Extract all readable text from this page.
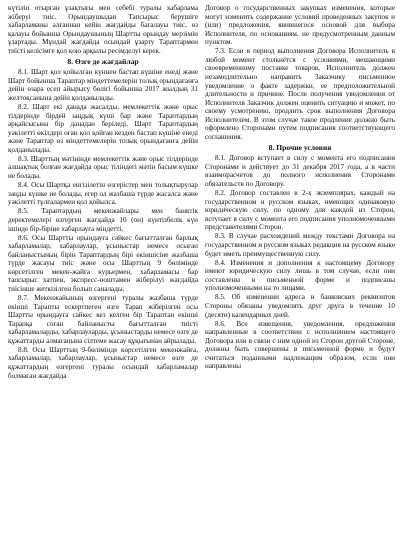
күтіліп отырған ұзақтығы мен себебі туралы хабарлама жіберуі тиіс. Орындаушыдан Тапсырыс берушіге хабарламаны алғаннан кейін жағдайды бағалауы тиіс, өз қалауы бойынша Орындаушының Шартты орындау мерзімін ұзартады. Мұндай жағдайда осындай ұзарту Тараптармен тиісті келісімге қол қою арқылы ресімделуі керек.

8. Өзге де жағдайлар

8.1. Шарт қол қойылған күннен бастап күшіне енеді және Шарт бойынша Тараптар міндеттемелерін толық орындағанға дейін өзара есеп айырысу бөлігі бойынша 2017 жылдың 31 желтоқсанына дейін қолданылады.

8.2. Шарт екі данада жасалды, мемлекеттік және орыс тілдерінде бірдей заңдық күші бар және Тараптардың әрқайсысына бір данадан беріледі, Шарт Тараптардың уәкілетті өкілдері оған қол қойған кезден бастап күшіне енеді және Тараптар өз міндеттемелерін толық орындағанға дейін қолданылады.

8.3. Шарттың мәтінінде мемлекеттік және орыс тілдерінде алшақтық болған жағдайда орыс тіліндегі мәтін басым күшке ие болады.

8.4. Осы Шартқа енгізілетін өзгерістер мен толықтырулар заңды күшке ие болады, егер ол жазбаша түрде жасалса және уәкілетті тұлғалармен қол қойылса.

8.5. Тараптардың мекенжайлары мен банктік деректемелері өзгерген жағдайда 10 (он) күнтізбелік күн ішінде бір-біріне хабарлауға міндетті.

8.6. Осы Шартты орындауға сәйкес бағытталған барлық хабарламалар, хабарлаулар, ұсыныстар немесе осыған байланыстының бірін Тараптардың бірі екіншісіне жазбаша түрде жасауы тиіс және осы Шарттың 9 бөлімінде көрсетілген мекен-жайға курьермен, хабарламасы бар тапсырыс хатпен, экспресс-поштамен жіберілуі жағдайда тиісінше жеткізілген болып саналады.

8.7. Мекенжайының өзгергені туралы жазбаша түрде екінші Тарапты ескертпеген өзге Тарап жіберілген осы Шартты орындауға сәйкес кез келген бір Тараптан екінші Тарапқа соған байланысты бағытталған тиісті хабарламаларды, хабарлауларды, ұсыныстарды немесе өзге де құжаттарды алмағанына сілтеме жасау құқығынан айрылады.

8.8. Осы Шарттың 9-бөлімінде көрсетілген мекенжайға, хабарламалар, хабарлаулар, ұсыныстар немесе өзге де құжаттардың өзгергені туралы осындай хабарламалар болмаған жағдайда

Договор о государственных закупках изменения, которые могут изменить содержание условий проведенных закупок и (или) предложения, явившегося основой для выбора Исполнителя, по основаниям, не предусмотренным данным пунктом.

7.3. Если в период выполнения Договора Исполнитель в любой момент столкнётся с условиями, мешающими своевременному поставке товаров, Исполнитель должен незамедлительно направить Заказчику письменное уведомление о факте задержки, ее предположительной длительности и причине. После получения уведомления от Исполнителя Заказчик должен оценить ситуацию и может, по своему усмотрению, продлить срок выполнения Договора Исполнителем. В этом случае такое продление должно быть оформлено Сторонами путем подписания соответствующего соглашения.

8. Прочие условия

8.1. Договор вступает в силу с момента его подписания Сторонами и действует до 31 декабря 2017 года, а в части взаиморасчетов до полного исполнения Сторонами обязательств по Договору.

8.2. Договор составлен в 2-х экземплярах, каждый на государственном и русском языках, имеющих одинаковую юридическую силу, по одному для каждой из Сторон, вступает в силу с момента его подписания уполномоченными представителями Сторон.

8.3. В случае расхождений между текстами Договора на государственном и русском языках редакция на русском языке будет иметь преимущественную силу.

8.4. Изменения и дополнения к настоящему Договору имеют юридическую силу лишь в том случае, если они составлены в письменной форме и подписаны уполномоченными на то лицами.

8.5. Об изменении адреса и банковских реквизитов Стороны обязаны уведомлять друг друга в течение 10 (десяти) календарных дней.

8.6. Все извещения, уведомления, предложения направленные в соответствии с исполнением настоящего Договора или в связи с ним одной из Сторон другой Стороне, должны быть совершены в письменной форме и будут считаться поданными надлежащим образом, если они направлены
